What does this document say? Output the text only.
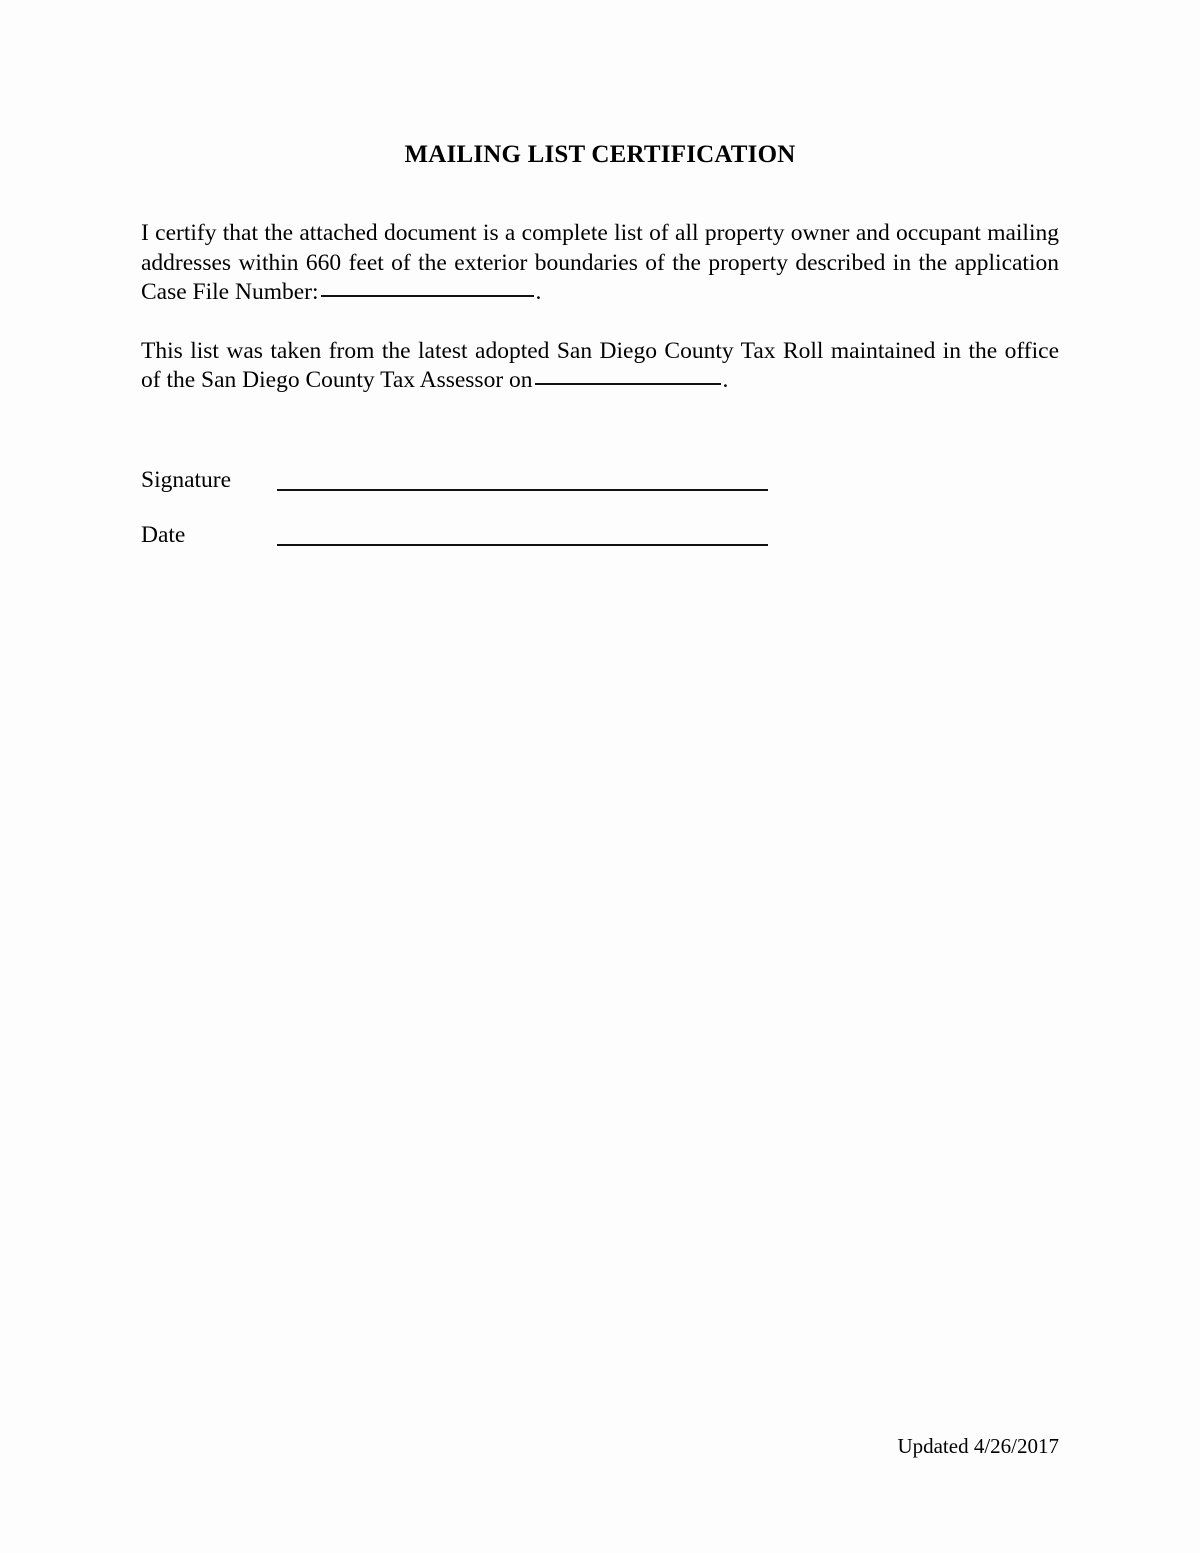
MAILING LIST CERTIFICATION

I certify that the attached document is a complete list of all property owner and occupant mailing addresses within 660 feet of the exterior boundaries of the property described in the application Case File Number:	.

This list was taken from the latest adopted San Diego County Tax Roll maintained in the office of the San Diego County Tax Assessor on	.

Signature
Date
Updated 4/26/2017
